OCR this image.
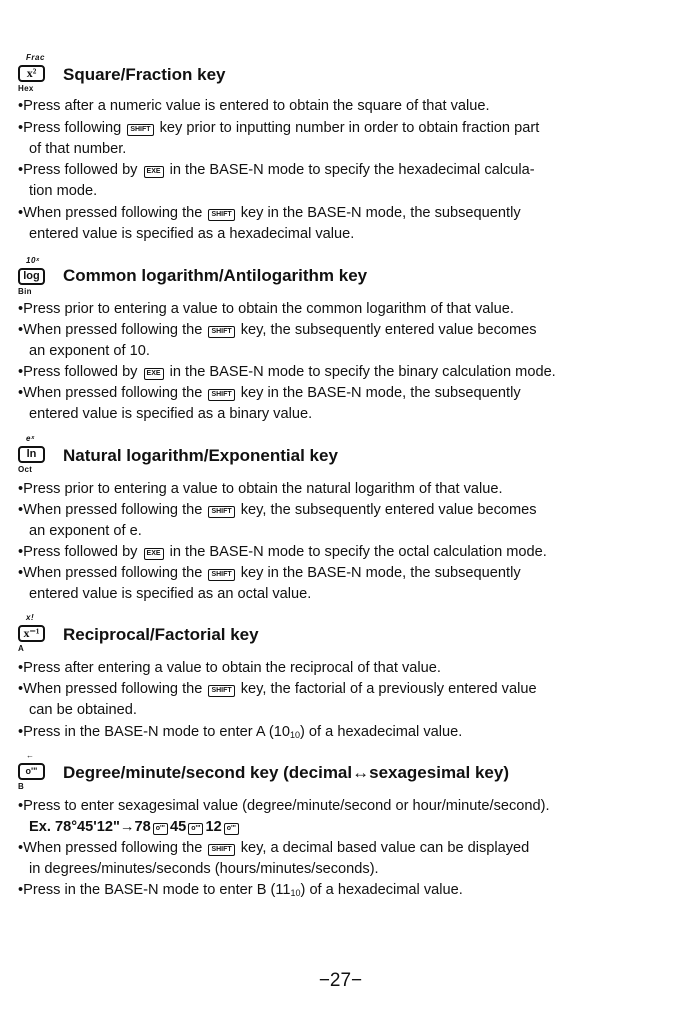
Frac
x²
Hex
Square/Fraction key
•Press after a numeric value is entered to obtain the square of that value.
•Press following SHIFT key prior to inputting number in order to obtain fraction part
of that number.
•Press followed by EXE in the BASE-N mode to specify the hexadecimal calcula-
tion mode.
•When pressed following the SHIFT key in the BASE-N mode, the subsequently
entered value is specified as a hexadecimal value.
10ˣ
log
Bin
Common logarithm/Antilogarithm key
•Press prior to entering a value to obtain the common logarithm of that value.
•When pressed following the SHIFT key, the subsequently entered value becomes
an exponent of 10.
•Press followed by EXE in the BASE-N mode to specify the binary calculation mode.
•When pressed following the SHIFT key in the BASE-N mode, the subsequently
entered value is specified as a binary value.
eˣ
ln
Oct
Natural logarithm/Exponential key
•Press prior to entering a value to obtain the natural logarithm of that value.
•When pressed following the SHIFT key, the subsequently entered value becomes
an exponent of e.
•Press followed by EXE in the BASE-N mode to specify the octal calculation mode.
•When pressed following the SHIFT key in the BASE-N mode, the subsequently
entered value is specified as an octal value.
x!
x⁻¹
A
Reciprocal/Factorial key
•Press after entering a value to obtain the reciprocal of that value.
•When pressed following the SHIFT key, the factorial of a previously entered value
can be obtained.
•Press in the BASE-N mode to enter A $(10_{10})$ of a hexadecimal value.
←
o'"
B
Degree/minute/second key (decimal↔sexagesimal key)
•Press to enter sexagesimal value (degree/minute/second or hour/minute/second).
Ex. 78°45'12"→78 o'" 45 o'" 12 o'"
•When pressed following the SHIFT key, a decimal based value can be displayed
in degrees/minutes/seconds (hours/minutes/seconds).
•Press in the BASE-N mode to enter B $(11_{10})$ of a hexadecimal value.
−27−
